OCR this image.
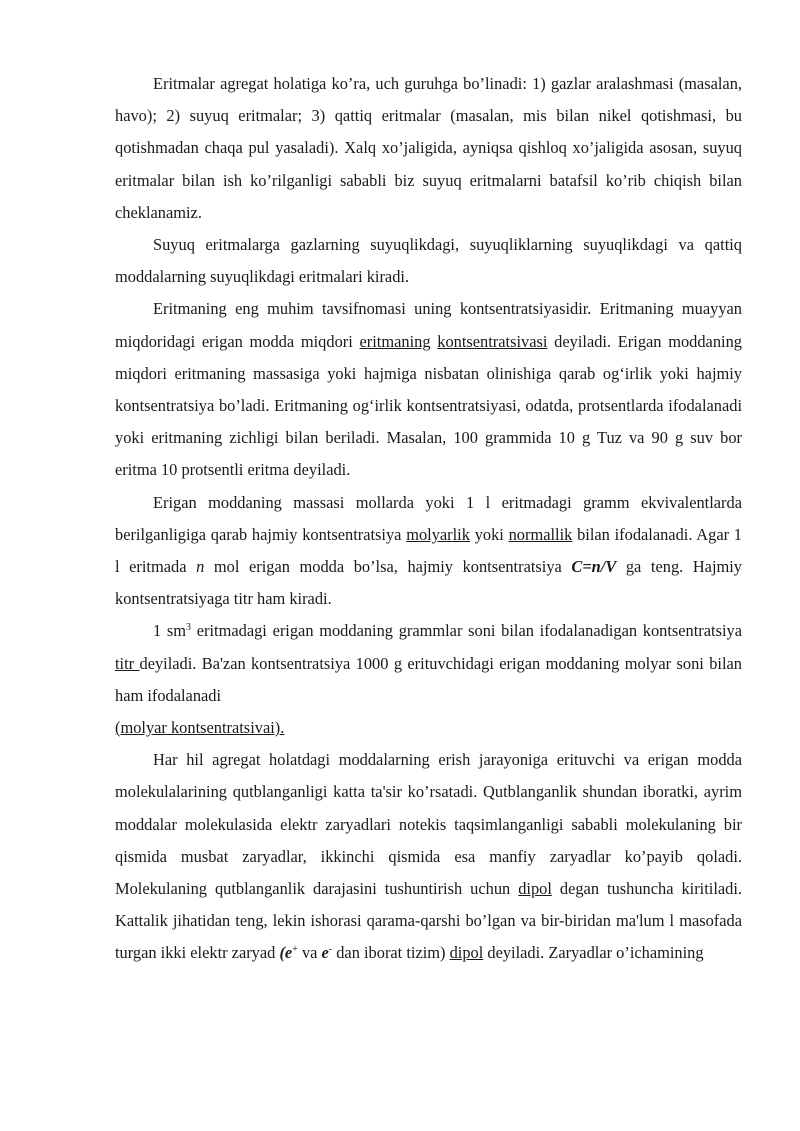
Eritmalar agregat holatiga ko’ra, uch guruhga bo’linadi: 1) gazlar aralashmasi (masalan, havo); 2) suyuq eritmalar; 3) qattiq eritmalar (masalan, mis bilan nikel qotishmasi, bu qotishmadan chaqa pul yasaladi). Xalq xo’jaligida, ayniqsa qishloq xo’jaligida asosan, suyuq eritmalar bilan ish ko’rilganligi sababli biz suyuq eritmalarni batafsil ko’rib chiqish bilan cheklanamiz.

Suyuq eritmalarga gazlarning suyuqlikdagi, suyuqliklarning suyuqlikdagi va qattiq moddalarning suyuqlikdagi eritmalari kiradi.

Eritmaning eng muhim tavsifnomasi uning kontsentratsiyasidir. Eritmaning muayyan miqdoridagi erigan modda miqdori eritmaning kontsentratsivasi deyiladi. Erigan moddaning miqdori eritmaning massasiga yoki hajmiga nisbatan olinishiga qarab og‘irlik yoki hajmiy kontsentratsiya bo’ladi. Eritmaning og‘irlik kontsentratsiyasi, odatda, protsentlarda ifodalanadi yoki eritmaning zichligi bilan beriladi. Masalan, 100 grammida 10 g Tuz va 90 g suv bor eritma 10 protsentli eritma deyiladi.

Erigan moddaning massasi mollarda yoki 1 l eritmadagi gramm ekvivalentlarda berilganligiga qarab hajmiy kontsentratsiya molyarlik yoki normallik bilan ifodalanadi. Agar 1 l eritmada n mol erigan modda bo’lsa, hajmiy kontsentratsiya C=n/V ga teng. Hajmiy kontsentratsiyaga titr ham kiradi.

1 $sm^3$ eritmadagi erigan moddaning grammlar soni bilan ifodalanadigan kontsentratsiya titr deyiladi. Ba'zan kontsentratsiya 1000 g erituvchidagi erigan moddaning molyar soni bilan ham ifodalanadi

(molyar kontsentratsivai).

Har hil agregat holatdagi moddalarning erish jarayoniga erituvchi va erigan modda molekulalarining qutblanganligi katta ta'sir ko’rsatadi. Qutblanganlik shundan iboratki, ayrim moddalar molekulasida elektr zaryadlari notekis taqsimlanganligi sababli molekulaning bir qismida musbat zaryadlar, ikkinchi qismida esa manfiy zaryadlar ko’payib qoladi. Molekulaning qutblanganlik darajasini tushuntirish uchun dipol degan tushuncha kiritiladi. Kattalik jihatidan teng, lekin ishorasi qarama-qarshi bo’lgan va bir-biridan ma'lum l masofada turgan ikki elektr zaryad (e+ va e- dan iborat tizim) dipol deyiladi. Zaryadlar o’ichamining
